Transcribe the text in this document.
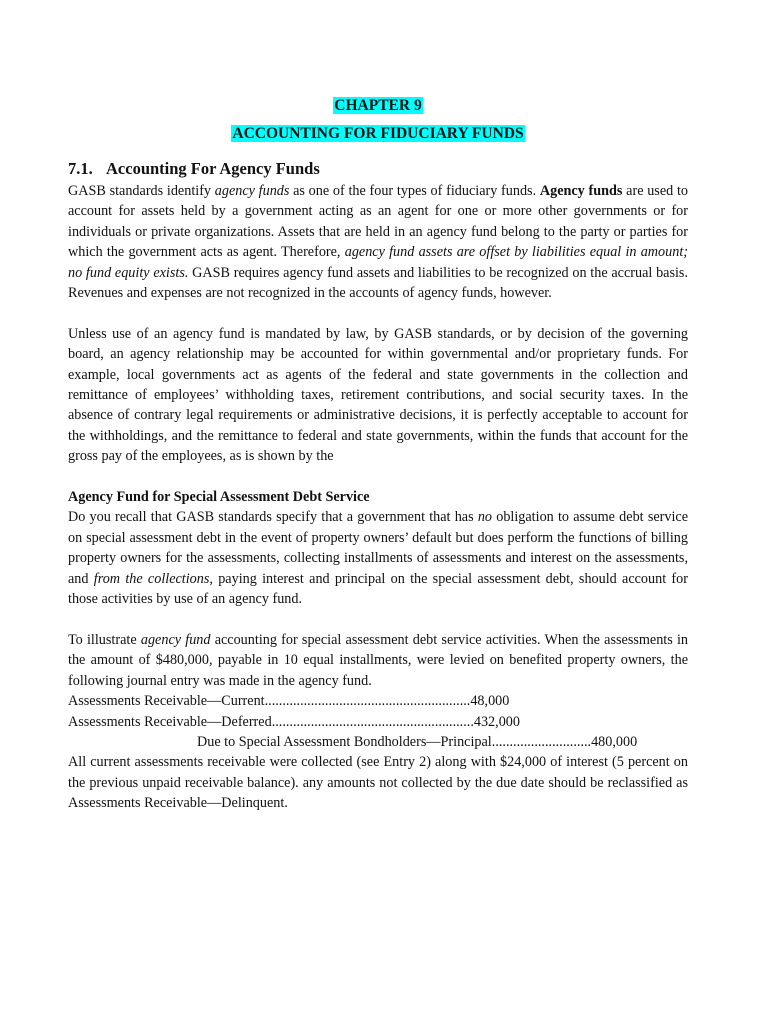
CHAPTER 9
ACCOUNTING FOR FIDUCIARY FUNDS
7.1. Accounting For Agency Funds

GASB standards identify agency funds as one of the four types of fiduciary funds. Agency funds are used to account for assets held by a government acting as an agent for one or more other governments or for individuals or private organizations. Assets that are held in an agency fund belong to the party or parties for which the government acts as agent. Therefore, agency fund assets are offset by liabilities equal in amount; no fund equity exists. GASB requires agency fund assets and liabilities to be recognized on the accrual basis. Revenues and expenses are not recognized in the accounts of agency funds, however.

Unless use of an agency fund is mandated by law, by GASB standards, or by decision of the governing board, an agency relationship may be accounted for within governmental and/or proprietary funds. For example, local governments act as agents of the federal and state governments in the collection and remittance of employees’ withholding taxes, retirement contributions, and social security taxes. In the absence of contrary legal requirements or administrative decisions, it is perfectly acceptable to account for the withholdings, and the remittance to federal and state governments, within the funds that account for the gross pay of the employees, as is shown by the

Agency Fund for Special Assessment Debt Service

Do you recall that GASB standards specify that a government that has no obligation to assume debt service on special assessment debt in the event of property owners’ default but does perform the functions of billing property owners for the assessments, collecting installments of assessments and interest on the assessments, and from the collections, paying interest and principal on the special assessment debt, should account for those activities by use of an agency fund.

To illustrate agency fund accounting for special assessment debt service activities. When the assessments in the amount of $480,000, payable in 10 equal installments, were levied on benefited property owners, the following journal entry was made in the agency fund.

Assessments Receivable—Current .......................................................... 48,000
Assessments Receivable—Deferred ......................................................... 432,000
Due to Special Assessment Bondholders—Principal ............................ 480,000

All current assessments receivable were collected (see Entry 2) along with $24,000 of interest (5 percent on the previous unpaid receivable balance). any amounts not collected by the due date should be reclassified as Assessments Receivable—Delinquent.
